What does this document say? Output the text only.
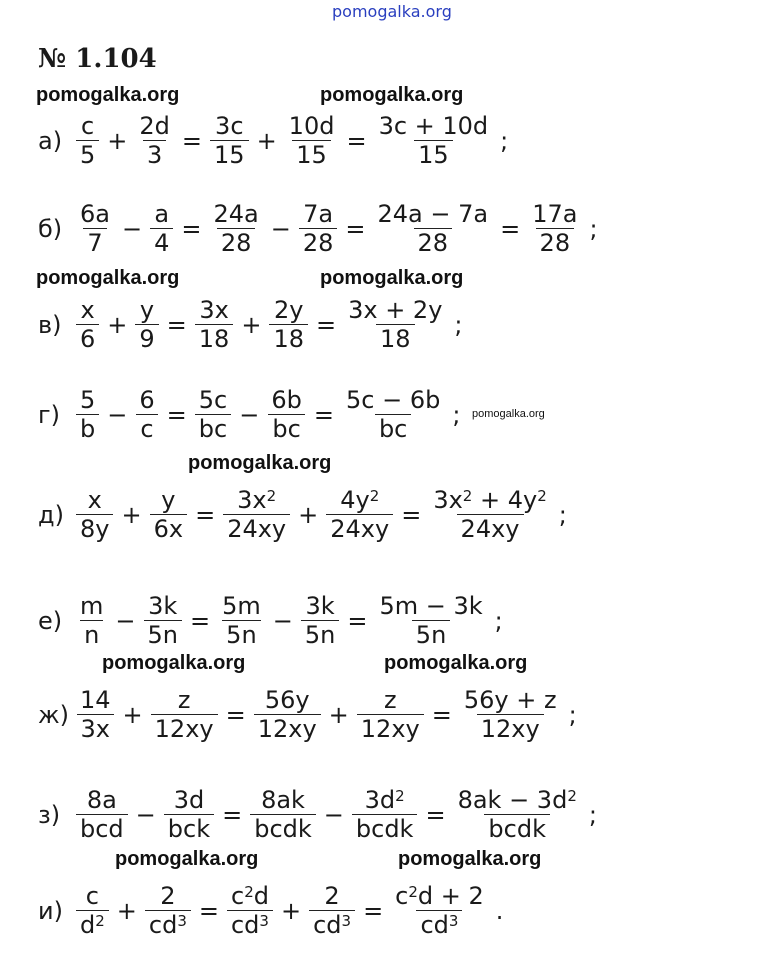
pomogalka.org
№ 1.104
pomogalka.org	pomogalka.org
pomogalka.org	pomogalka.org
pomogalka.org
pomogalka.org
pomogalka.org	pomogalka.org
pomogalka.org	pomogalka.org
$а) \frac{c}{5} + \frac{2d}{3} = \frac{3c}{15} + \frac{10d}{15} = \frac{3c + 10d}{15}$ ;
$б) \frac{6a}{7} - \frac{a}{4} = \frac{24a}{28} - \frac{7a}{28} = \frac{24a - 7a}{28} = \frac{17a}{28}$ ;
$в) \frac{x}{6} + \frac{y}{9} = \frac{3x}{18} + \frac{2y}{18} = \frac{3x + 2y}{18}$ ;
$г) \frac{5}{b} - \frac{6}{c} = \frac{5c}{bc} - \frac{6b}{bc} = \frac{5c - 6b}{bc}$ ;
$д) \frac{x}{8y} + \frac{y}{6x} = \frac{3x^2}{24xy} + \frac{4y^2}{24xy} = \frac{3x^2 + 4y^2}{24xy}$ ;
$е) \frac{m}{n} - \frac{3k}{5n} = \frac{5m}{5n} - \frac{3k}{5n} = \frac{5m - 3k}{5n}$ ;
$ж) \frac{14}{3x} + \frac{z}{12xy} = \frac{56y}{12xy} + \frac{z}{12xy} = \frac{56y + z}{12xy}$ ;
$з) \frac{8a}{\text{bcd}} - \frac{3d}{\text{bck}} = \frac{8ak}{\text{bcdk}} - \frac{3d^2}{\text{bcdk}} = \frac{8ak - 3d^2}{\text{bcdk}}$ ;
$и) \frac{c}{d^2} + \frac{2}{cd^3} = \frac{c^2d}{cd^3} + \frac{2}{cd^3} = \frac{c^2d + 2}{cd^3}$ .
